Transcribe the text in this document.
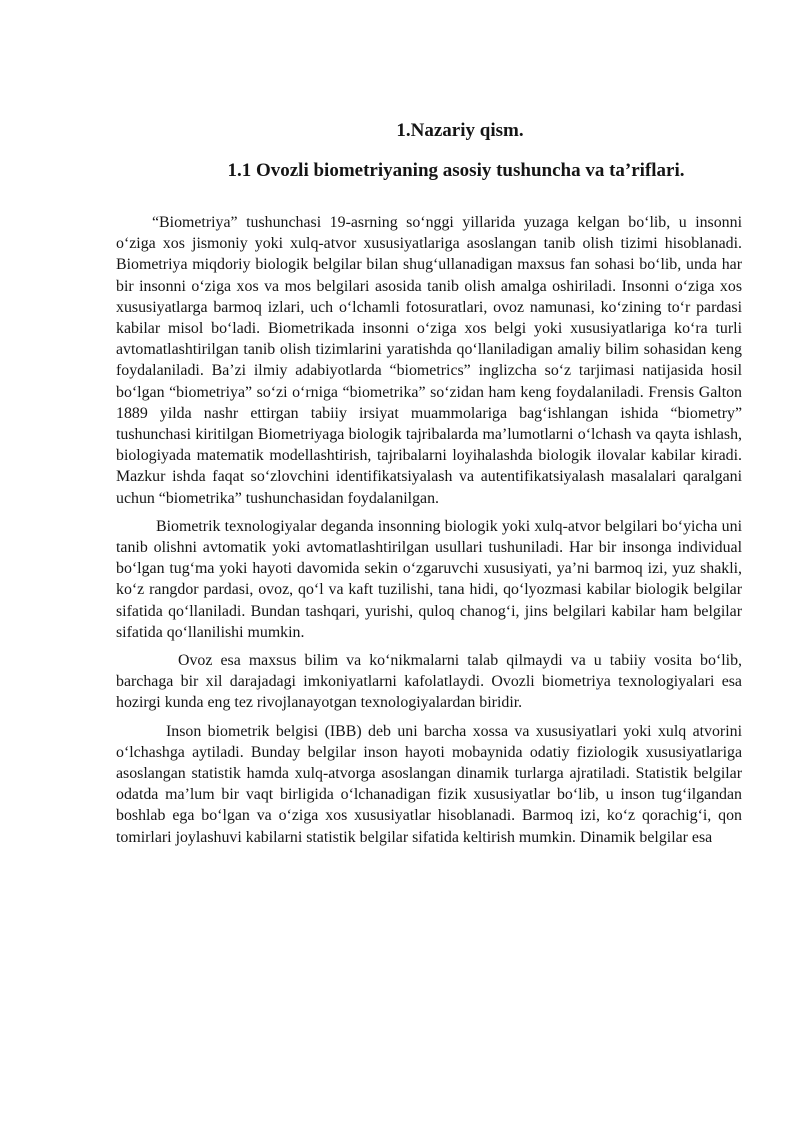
1.Nazariy qism.
1.1 Ovozli biometriyaning asosiy tushuncha va ta’riflari.

“Biometriya” tushunchasi 19-asrning so‘nggi yillarida yuzaga kelgan bo‘lib, u insonni o‘ziga xos jismoniy yoki xulq-atvor xususiyatlariga asoslangan tanib olish tizimi hisoblanadi. Biometriya miqdoriy biologik belgilar bilan shug‘ullanadigan maxsus fan sohasi bo‘lib, unda har bir insonni o‘ziga xos va mos belgilari asosida tanib olish amalga oshiriladi. Insonni o‘ziga xos xususiyatlarga barmoq izlari, uch o‘lchamli fotosuratlari, ovoz namunasi, ko‘zining to‘r pardasi kabilar misol bo‘ladi. Biometrikada insonni o‘ziga xos belgi yoki xususiyatlariga ko‘ra turli avtomatlashtirilgan tanib olish tizimlarini yaratishda qo‘llaniladigan amaliy bilim sohasidan keng foydalaniladi. Ba’zi ilmiy adabiyotlarda “biometrics” inglizcha so‘z tarjimasi natijasida hosil bo‘lgan “biometriya” so‘zi o‘rniga “biometrika” so‘zidan ham keng foydalaniladi. Frensis Galton 1889 yilda nashr ettirgan tabiiy irsiyat muammolariga bag‘ishlangan ishida “biometry” tushunchasi kiritilgan Biometriyaga biologik tajribalarda ma’lumotlarni o‘lchash va qayta ishlash, biologiyada matematik modellashtirish, tajribalarni loyihalashda biologik ilovalar kabilar kiradi. Mazkur ishda faqat so‘zlovchini identifikatsiyalash va autentifikatsiyalash masalalari qaralgani uchun “biometrika” tushunchasidan foydalanilgan.

Biometrik texnologiyalar deganda insonning biologik yoki xulq-atvor belgilari bo‘yicha uni tanib olishni avtomatik yoki avtomatlashtirilgan usullari tushuniladi. Har bir insonga individual bo‘lgan tug‘ma yoki hayoti davomida sekin o‘zgaruvchi xususiyati, ya’ni barmoq izi, yuz shakli, ko‘z rangdor pardasi, ovoz, qo‘l va kaft tuzilishi, tana hidi, qo‘lyozmasi kabilar biologik belgilar sifatida qo‘llaniladi. Bundan tashqari, yurishi, quloq chanog‘i, jins belgilari kabilar ham belgilar sifatida qo‘llanilishi mumkin.

Ovoz esa maxsus bilim va ko‘nikmalarni talab qilmaydi va u tabiiy vosita bo‘lib, barchaga bir xil darajadagi imkoniyatlarni kafolatlaydi. Ovozli biometriya texnologiyalari esa hozirgi kunda eng tez rivojlanayotgan texnologiyalardan biridir.

Inson biometrik belgisi (IBB) deb uni barcha xossa va xususiyatlari yoki xulq atvorini o‘lchashga aytiladi. Bunday belgilar inson hayoti mobaynida odatiy fiziologik xususiyatlariga asoslangan statistik hamda xulq-atvorga asoslangan dinamik turlarga ajratiladi. Statistik belgilar odatda ma’lum bir vaqt birligida o‘lchanadigan fizik xususiyatlar bo‘lib, u inson tug‘ilgandan boshlab ega bo‘lgan va o‘ziga xos xususiyatlar hisoblanadi. Barmoq izi, ko‘z qorachig‘i, qon tomirlari joylashuvi kabilarni statistik belgilar sifatida keltirish mumkin. Dinamik belgilar esa
